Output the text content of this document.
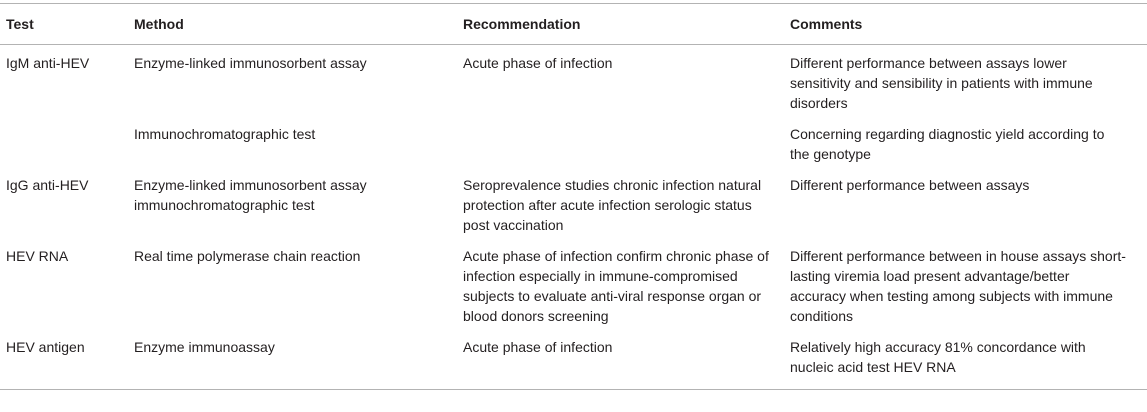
Test	Method	Recommendation	Comments
IgM anti-HEV	Enzyme-linked immunosorbent assay	Acute phase of infection	Different performance between assays lower sensitivity and sensibility in patients with immune disorders
	Immunochromatographic test		Concerning regarding diagnostic yield according to the genotype
IgG anti-HEV	Enzyme-linked immunosorbent assay immunochromatographic test	Seroprevalence studies chronic infection natural protection after acute infection serologic status post vaccination	Different performance between assays
HEV RNA	Real time polymerase chain reaction	Acute phase of infection confirm chronic phase of infection especially in immune-compromised subjects to evaluate anti-viral response organ or blood donors screening	Different performance between in house assays short-lasting viremia load present advantage/better accuracy when testing among subjects with immune conditions
HEV antigen	Enzyme immunoassay	Acute phase of infection	Relatively high accuracy 81% concordance with nucleic acid test HEV RNA
